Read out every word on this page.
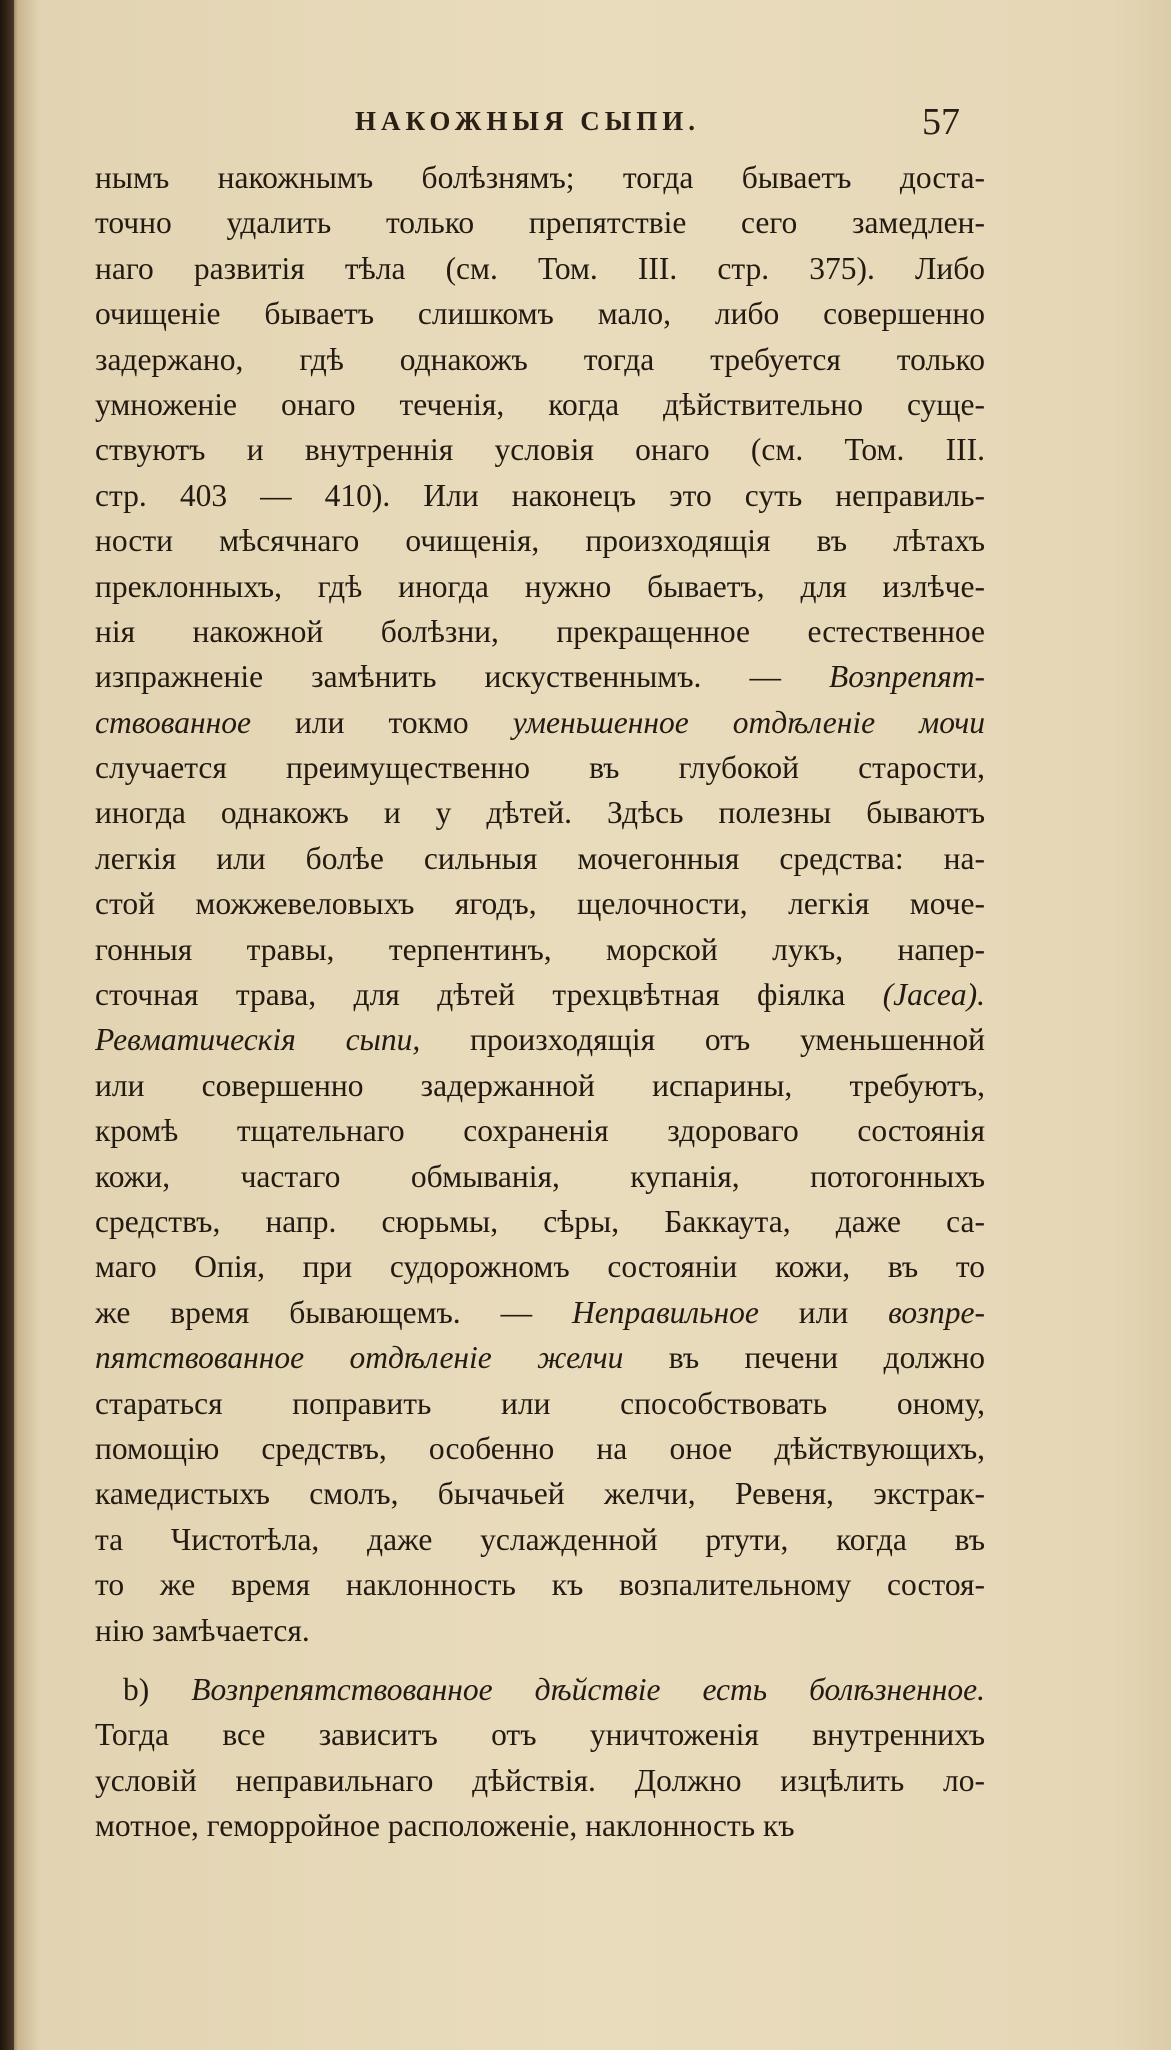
НАКОЖНЫЯ СЫПИ.	57
нымъ накожнымъ болѣзнямъ; тогда бываетъ доста-
точно удалить только препятствіе сего замедлен-
наго развитія тѣла (см. Том. III. стр. 375). Либо
очищеніе бываетъ слишкомъ мало, либо совершенно
задержано, гдѣ однакожъ тогда требуется только
умноженіе онаго теченія, когда дѣйствительно суще-
ствуютъ и внутреннія условія онаго (см. Том. III.
стр. 403 — 410). Или наконецъ это суть неправиль-
ности мѣсячнаго очищенія, произходящія въ лѣтахъ
преклонныхъ, гдѣ иногда нужно бываетъ, для излѣче-
нія накожной болѣзни, прекращенное естественное
изпражненіе замѣнить искуственнымъ. — Возпрепят-
ствованное или токмо уменьшенное отдѣленіе мочи
случается преимущественно въ глубокой старости,
иногда однакожъ и у дѣтей. Здѣсь полезны бываютъ
легкія или болѣе сильныя мочегонныя средства: на-
стой можжевеловыхъ ягодъ, щелочности, легкія моче-
гонныя травы, терпентинъ, морской лукъ, напер-
сточная трава, для дѣтей трехцвѣтная фіялка (Jacea).
Ревматическія сыпи, произходящія отъ уменьшенной
или совершенно задержанной испарины, требуютъ,
кромѣ тщательнаго сохраненія здороваго состоянія
кожи, частаго обмыванія, купанія, потогонныхъ
средствъ, напр. сюрьмы, сѣры, Баккаута, даже са-
маго Опія, при судорожномъ состояніи кожи, въ то
же время бывающемъ. — Неправильное или возпре-
пятствованное отдѣленіе желчи въ печени должно
стараться поправить или способствовать оному,
помощію средствъ, особенно на оное дѣйствующихъ,
камедистыхъ смолъ, бычачьей желчи, Ревеня, экстрак-
та Чистотѣла, даже услажденной ртути, когда въ
то же время наклонность къ возпалительному состоя-
нію замѣчается.
b) Возпрепятствованное дѣйствіе есть болѣзненное.
Тогда все зависитъ отъ уничтоженія внутреннихъ
условій неправильнаго дѣйствія. Должно изцѣлить ло-
мотное, геморройное расположеніе, наклонность къ
